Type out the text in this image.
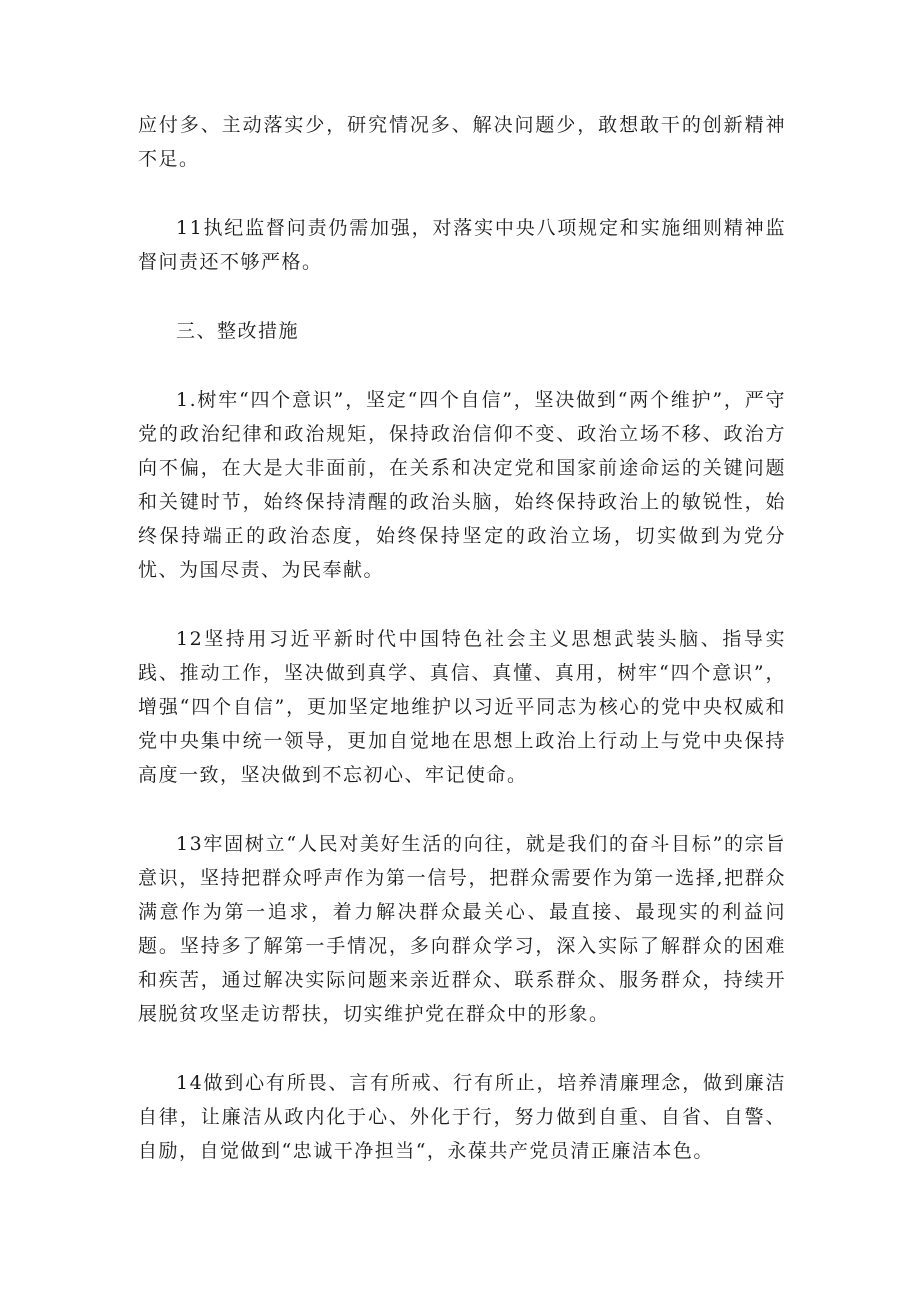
应付多、主动落实少，研究情况多、解决问题少，敢想敢干的创新精神不足。

11执纪监督问责仍需加强，对落实中央八项规定和实施细则精神监督问责还不够严格。

三、整改措施

1.树牢“四个意识”，坚定“四个自信”，坚决做到“两个维护”，严守党的政治纪律和政治规矩，保持政治信仰不变、政治立场不移、政治方向不偏，在大是大非面前，在关系和决定党和国家前途命运的关键问题和关键时节，始终保持清醒的政治头脑，始终保持政治上的敏锐性，始终保持端正的政治态度，始终保持坚定的政治立场，切实做到为党分忧、为国尽责、为民奉献。

12坚持用习近平新时代中国特色社会主义思想武装头脑、指导实践、推动工作，坚决做到真学、真信、真懂、真用，树牢“四个意识”，增强“四个自信”，更加坚定地维护以习近平同志为核心的党中央权威和党中央集中统一领导，更加自觉地在思想上政治上行动上与党中央保持高度一致，坚决做到不忘初心、牢记使命。

13牢固树立“人民对美好生活的向往，就是我们的奋斗目标”的宗旨意识，坚持把群众呼声作为第一信号，把群众需要作为第一选择,把群众满意作为第一追求，着力解决群众最关心、最直接、最现实的利益问题。坚持多了解第一手情况，多向群众学习，深入实际了解群众的困难和疾苦，通过解决实际问题来亲近群众、联系群众、服务群众，持续开展脱贫攻坚走访帮扶，切实维护党在群众中的形象。

14做到心有所畏、言有所戒、行有所止，培养清廉理念，做到廉洁自律，让廉洁从政内化于心、外化于行，努力做到自重、自省、自警、自励，自觉做到“忠诚干净担当“，永葆共产党员清正廉洁本色。
